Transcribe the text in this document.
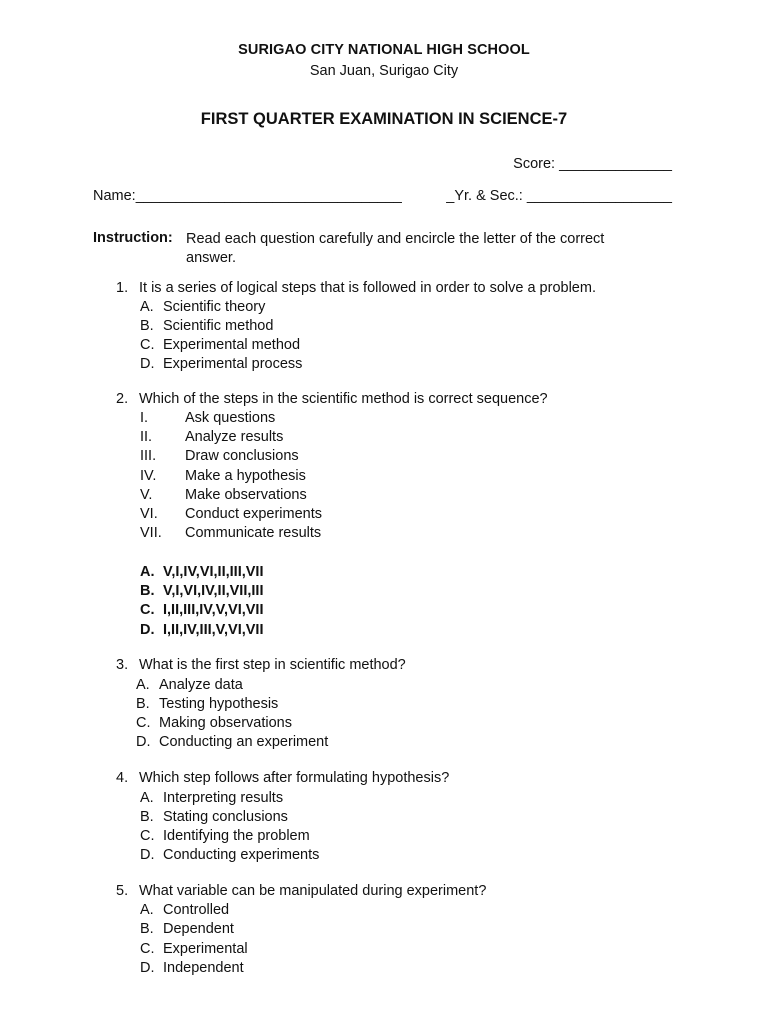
SURIGAO CITY NATIONAL HIGH SCHOOL
San Juan, Surigao City
FIRST QUARTER EXAMINATION IN SCIENCE-7
Score: ______________
Name:_________________________________	_Yr. & Sec.: __________________
Instruction: Read each question carefully and encircle the letter of the correct
answer.
1. It is a series of logical steps that is followed in order to solve a problem.
A. Scientific theory
B. Scientific method
C. Experimental method
D. Experimental process
2. Which of the steps in the scientific method is correct sequence?
I.	Ask questions
II. Analyze results
III. Draw conclusions
IV. Make a hypothesis
V. Make observations
VI. Conduct experiments
VII. Communicate results
A. V,I,IV,VI,II,III,VII
B. V,I,VI,IV,II,VII,III
C. I,II,III,IV,V,VI,VII
D. I,II,IV,III,V,VI,VII
3. What is the first step in scientific method?
A. Analyze data
B. Testing hypothesis
C. Making observations
D. Conducting an experiment
4. Which step follows after formulating hypothesis?
A. Interpreting results
B. Stating conclusions
C. Identifying the problem
D. Conducting experiments
5. What variable can be manipulated during experiment?
A. Controlled
B. Dependent
C. Experimental
D. Independent
